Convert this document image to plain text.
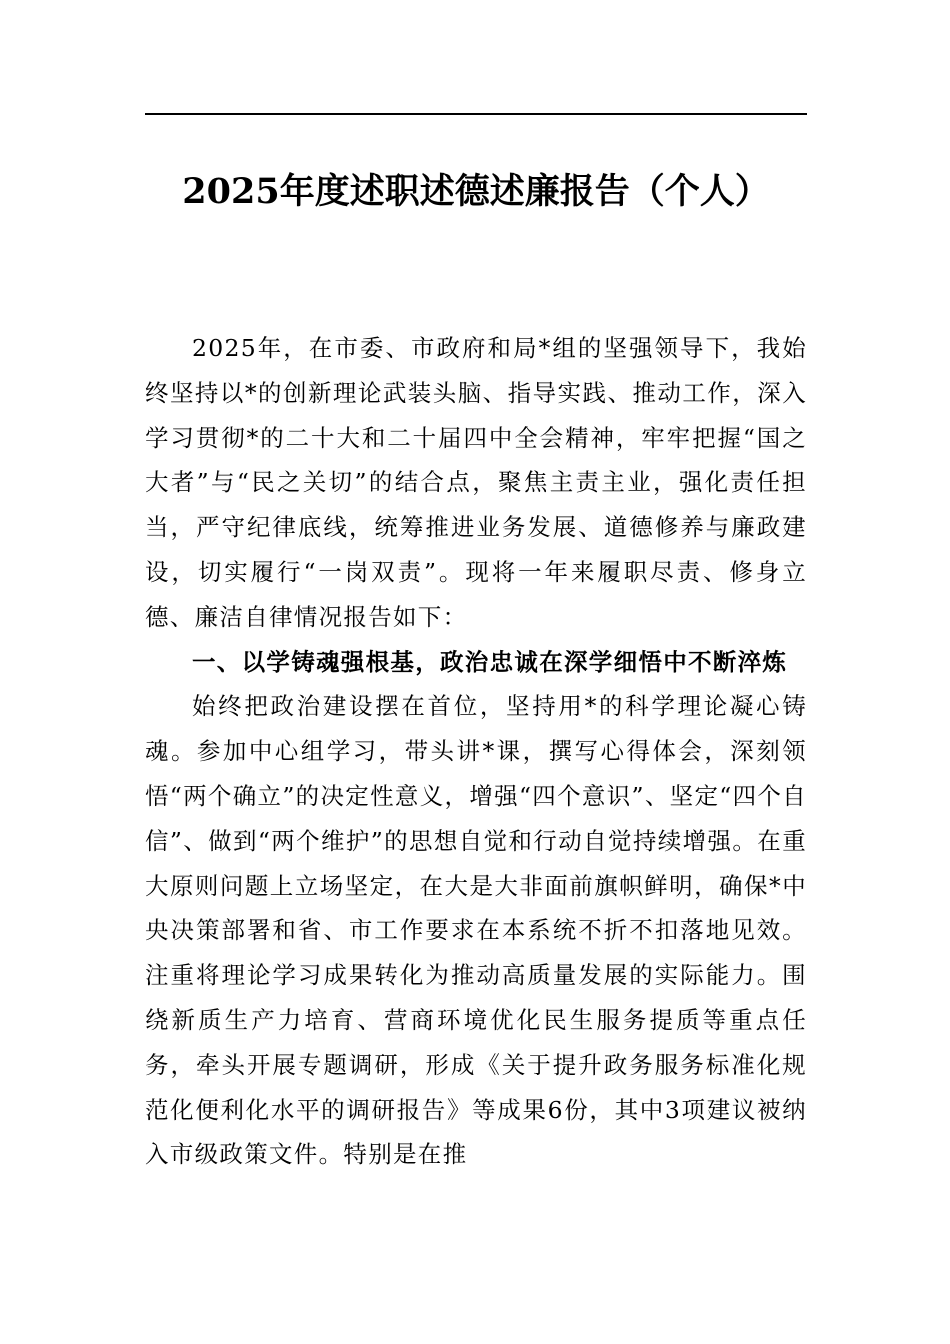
2025年度述职述德述廉报告（个人）

2025年，在市委、市政府和局*组的坚强领导下，我始终坚持以*的创新理论武装头脑、指导实践、推动工作，深入学习贯彻*的二十大和二十届四中全会精神，牢牢把握“国之大者”与“民之关切”的结合点，聚焦主责主业，强化责任担当，严守纪律底线，统筹推进业务发展、道德修养与廉政建设，切实履行“一岗双责”。现将一年来履职尽责、修身立德、廉洁自律情况报告如下：

一、以学铸魂强根基，政治忠诚在深学细悟中不断淬炼

始终把政治建设摆在首位，坚持用*的科学理论凝心铸魂。参加中心组学习，带头讲*课，撰写心得体会，深刻领悟“两个确立”的决定性意义，增强“四个意识”、坚定“四个自信”、做到“两个维护”的思想自觉和行动自觉持续增强。在重大原则问题上立场坚定，在大是大非面前旗帜鲜明，确保*中央决策部署和省、市工作要求在本系统不折不扣落地见效。注重将理论学习成果转化为推动高质量发展的实际能力。围绕新质生产力培育、营商环境优化民生服务提质等重点任务，牵头开展专题调研，形成《关于提升政务服务标准化规范化便利化水平的调研报告》等成果6份，其中3项建议被纳入市级政策文件。特别是在推
